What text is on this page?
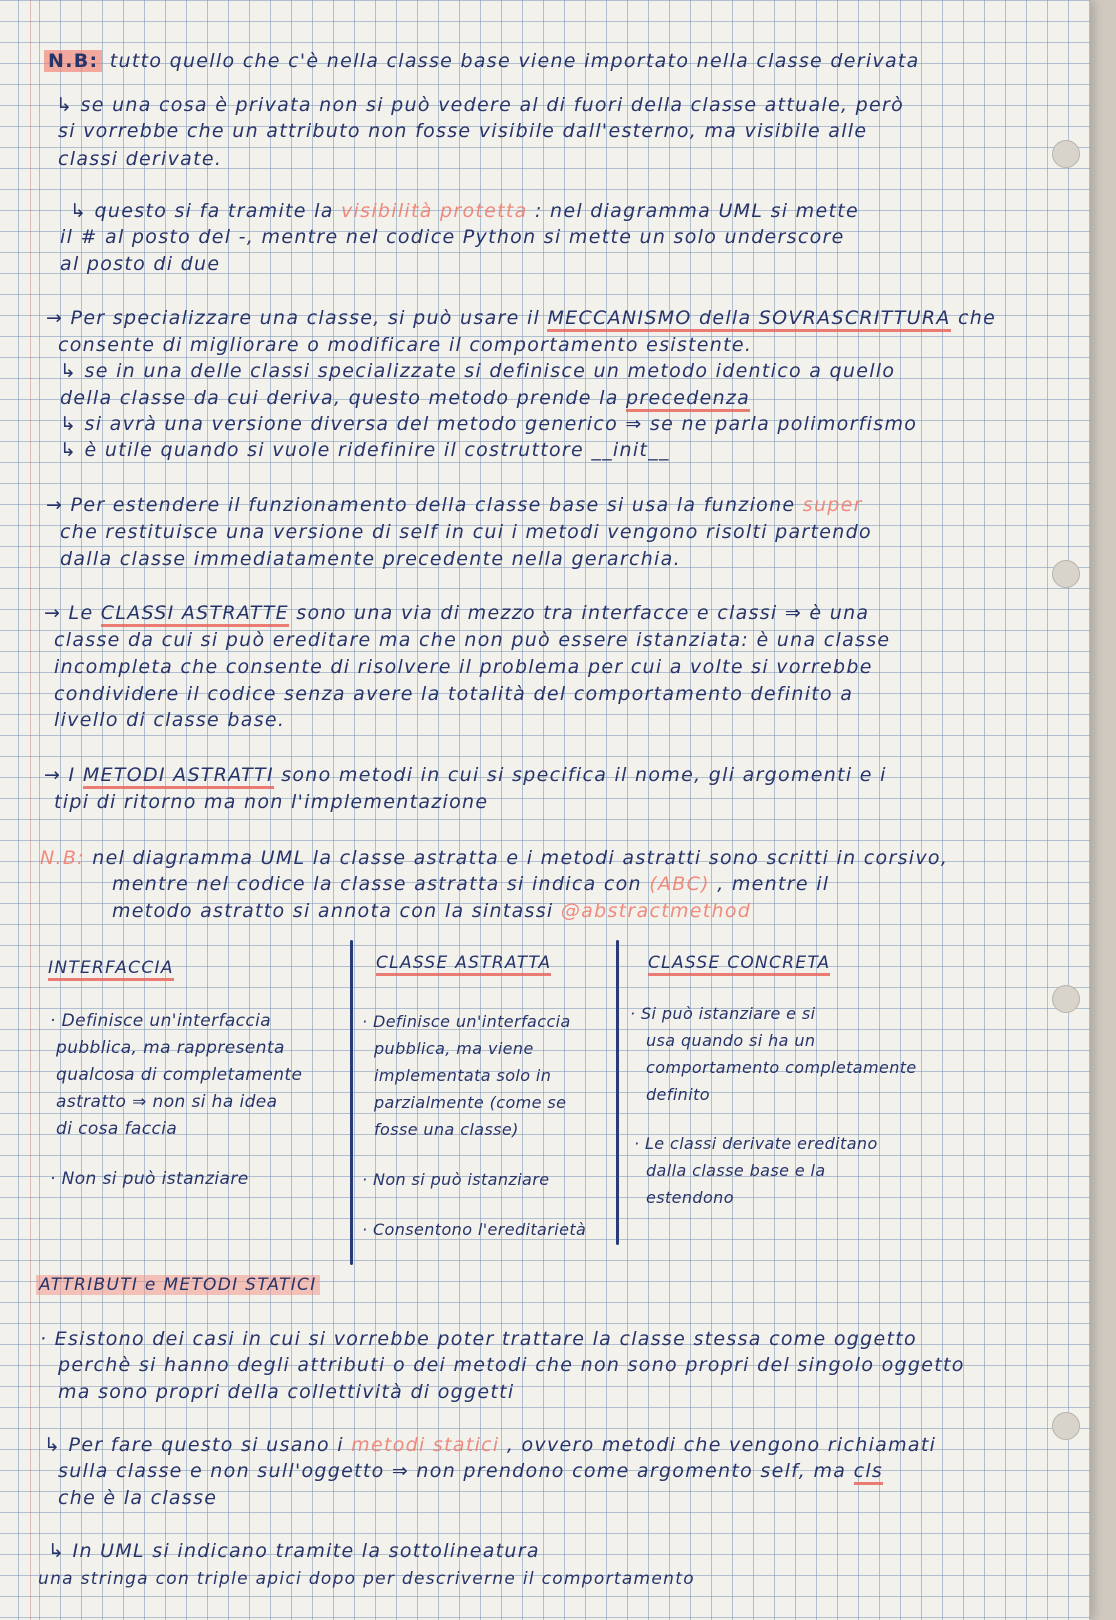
N.B: tutto quello che c'è nella classe base viene importato nella classe derivata
↳ se una cosa è privata non si può vedere al di fuori della classe attuale, però
si vorrebbe che un attributo non fosse visibile dall'esterno, ma visibile alle
classi derivate.
↳ questo si fa tramite la visibilità protetta : nel diagramma UML si mette
il # al posto del -, mentre nel codice Python si mette un solo underscore
al posto di due
→ Per specializzare una classe, si può usare il MECCANISMO della SOVRASCRITTURA che
consente di migliorare o modificare il comportamento esistente.
↳ se in una delle classi specializzate si definisce un metodo identico a quello
della classe da cui deriva, questo metodo prende la precedenza
↳ si avrà una versione diversa del metodo generico ⇒ se ne parla polimorfismo
↳ è utile quando si vuole ridefinire il costruttore __init__
→ Per estendere il funzionamento della classe base si usa la funzione super
che restituisce una versione di self in cui i metodi vengono risolti partendo
dalla classe immediatamente precedente nella gerarchia.
→ Le CLASSI ASTRATTE sono una via di mezzo tra interfacce e classi ⇒ è una
classe da cui si può ereditare ma che non può essere istanziata: è una classe
incompleta che consente di risolvere il problema per cui a volte si vorrebbe
condividere il codice senza avere la totalità del comportamento definito a
livello di classe base.
→ I METODI ASTRATTI sono metodi in cui si specifica il nome, gli argomenti e i
tipi di ritorno ma non l'implementazione
N.B: nel diagramma UML la classe astratta e i metodi astratti sono scritti in corsivo,
mentre nel codice la classe astratta si indica con (ABC) , mentre il
metodo astratto si annota con la sintassi @abstractmethod
INTERFACCIA	CLASSE ASTRATTA	CLASSE CONCRETA
· Definisce un'interfaccia
pubblica, ma rappresenta
qualcosa di completamente
astratto ⇒ non si ha idea
di cosa faccia
· Non si può istanziare
· Definisce un'interfaccia
pubblica, ma viene
implementata solo in
parzialmente (come se
fosse una classe)
· Non si può istanziare
· Consentono l'ereditarietà
· Si può istanziare e si
usa quando si ha un
comportamento completamente
definito
· Le classi derivate ereditano
dalla classe base e la
estendono
ATTRIBUTI e METODI STATICI
· Esistono dei casi in cui si vorrebbe poter trattare la classe stessa come oggetto
perchè si hanno degli attributi o dei metodi che non sono propri del singolo oggetto
ma sono propri della collettività di oggetti
↳ Per fare questo si usano i metodi statici , ovvero metodi che vengono richiamati
sulla classe e non sull'oggetto ⇒ non prendono come argomento self, ma cls
che è la classe
↳ In UML si indicano tramite la sottolineatura
una stringa con triple apici dopo per descriverne il comportamento
